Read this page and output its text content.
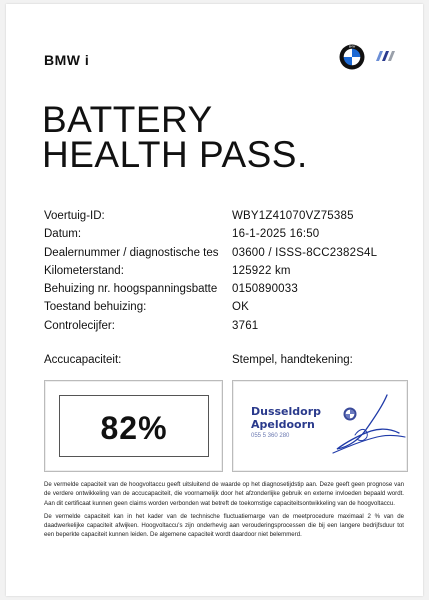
BMW i
BMW
BATTERY
HEALTH PASS.
Voertuig-ID:	WBY1Z41070VZ75385
Datum:	16-1-2025 16:50
Dealernummer / diagnostische tes	03600 / ISSS-8CC2382S4L
Kilometerstand:	125922 km
Behuizing nr. hoogspanningsbatte	0150890033
Toestand behuizing:	OK
Controlecijfer:	3761
Accucapaciteit:	Stempel, handtekening:
82%	Dusseldorp
Apeldoorn
055 5 360 280

De vermelde capaciteit van de hoogvoltaccu geeft uitsluitend de waarde op het diagnosetijdstip aan. Deze geeft geen prognose van de verdere ontwikkeling van de accucapaciteit, die voornamelijk door het afzonderlijke gebruik en externe invloeden bepaald wordt. Aan dit certificaat kunnen geen claims worden verbonden wat betreft de toekomstige capaciteitsontwikkeling van de hoogvoltaccu.

De vermelde capaciteit kan in het kader van de technische fluctuatiemarge van de meetprocedure maximaal 2 % van de daadwerkelijke capaciteit afwijken. Hoogvoltaccu's zijn onderhevig aan verouderingsprocessen die bij een langere bedrijfsduur tot een beperkte capaciteit kunnen leiden. De algemene capaciteit wordt daardoor niet belemmerd.
